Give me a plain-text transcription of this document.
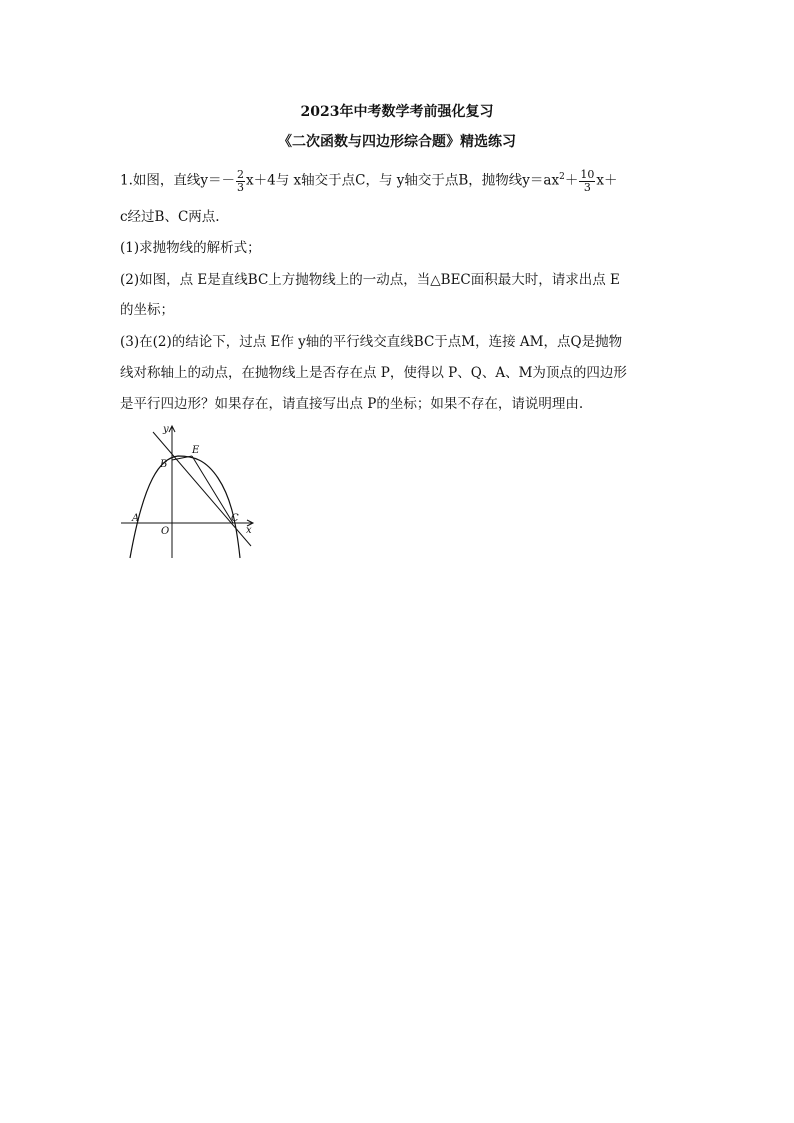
2023年中考数学考前强化复习
《二次函数与四边形综合题》精选练习
1.如图，直线$y=- \frac{2}{3} x+4$与 x轴交于点C，与 y轴交于点B，抛物线$y=ax^2+ \frac{10}{3} x+$
c经过B、C两点.
(1)求抛物线的解析式；
(2)如图，点 E是直线BC上方抛物线上的一动点，当△BEC面积最大时，请求出点 E
的坐标；
(3)在(2)的结论下，过点 E作 y轴的平行线交直线BC于点M，连接 AM，点Q是抛物
线对称轴上的动点，在抛物线上是否存在点 P，使得以 P、Q、A、M为顶点的四边形
是平行四边形？如果存在，请直接写出点 P的坐标；如果不存在，请说明理由.
y
x
B
E
A
O
C
